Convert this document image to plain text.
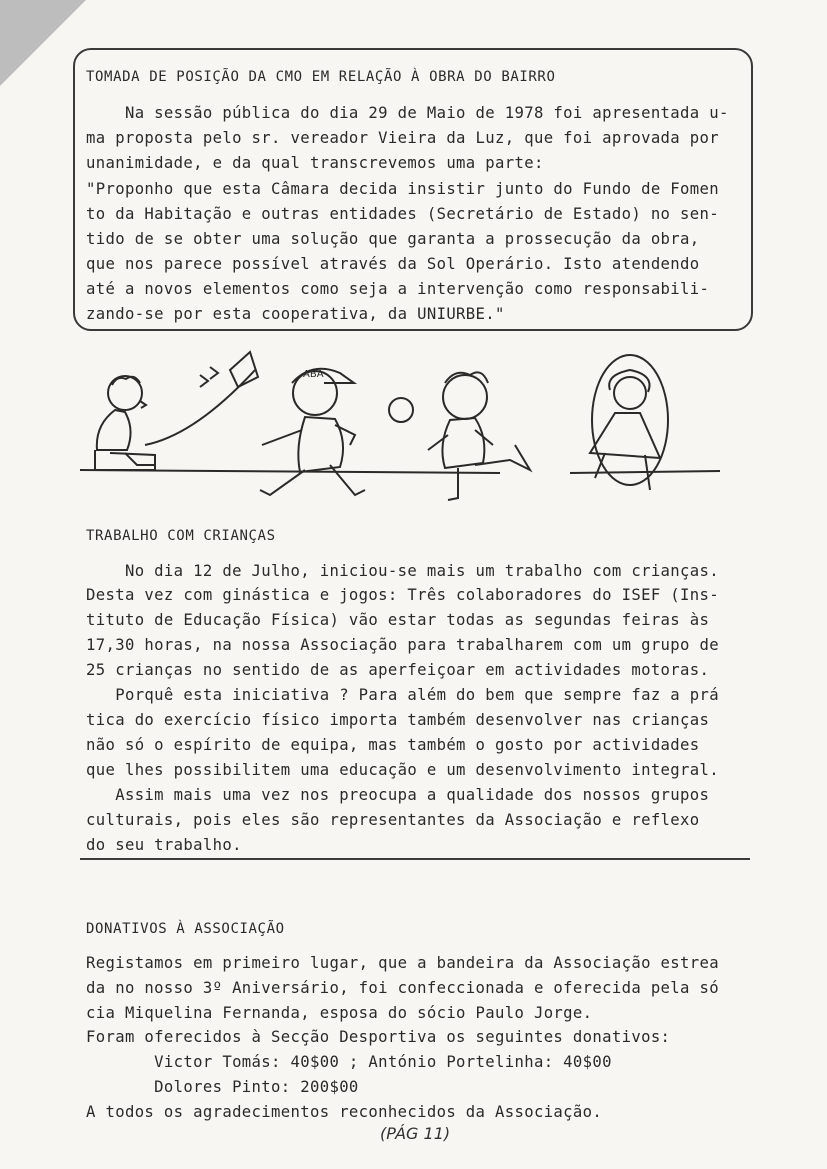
TOMADA DE POSIÇÃO DA CMO EM RELAÇÃO À OBRA DO BAIRRO
Na sessão pública do dia 29 de Maio de 1978 foi apresentada u-
ma proposta pelo sr. vereador Vieira da Luz, que foi aprovada por
unanimidade, e da qual transcrevemos uma parte:
"Proponho que esta Câmara decida insistir junto do Fundo de Fomen
to da Habitação e outras entidades (Secretário de Estado) no sen-
tido de se obter uma solução que garanta a prossecução da obra,
que nos parece possível através da Sol Operário. Isto atendendo
até a novos elementos como seja a intervenção como responsabili-
zando-se por esta cooperativa, da UNIURBE."
ABA
TRABALHO COM CRIANÇAS
No dia 12 de Julho, iniciou-se mais um trabalho com crianças.
Desta vez com ginástica e jogos: Três colaboradores do ISEF (Ins-
tituto de Educação Física) vão estar todas as segundas feiras às
17,30 horas, na nossa Associação para trabalharem com um grupo de
25 crianças no sentido de as aperfeiçoar em actividades motoras.
Porquê esta iniciativa ? Para além do bem que sempre faz a prá
tica do exercício físico importa também desenvolver nas crianças
não só o espírito de equipa, mas também o gosto por actividades
que lhes possibilitem uma educação e um desenvolvimento integral.
Assim mais uma vez nos preocupa a qualidade dos nossos grupos
culturais, pois eles são representantes da Associação e reflexo
do seu trabalho.
DONATIVOS À ASSOCIAÇÃO
Registamos em primeiro lugar, que a bandeira da Associação estrea
da no nosso 3º Aniversário, foi confeccionada e oferecida pela só
cia Miquelina Fernanda, esposa do sócio Paulo Jorge.
Foram oferecidos à Secção Desportiva os seguintes donativos:
Victor Tomás: 40$00 ; António Portelinha: 40$00
Dolores Pinto: 200$00
A todos os agradecimentos reconhecidos da Associação.
(PÁG 11)
